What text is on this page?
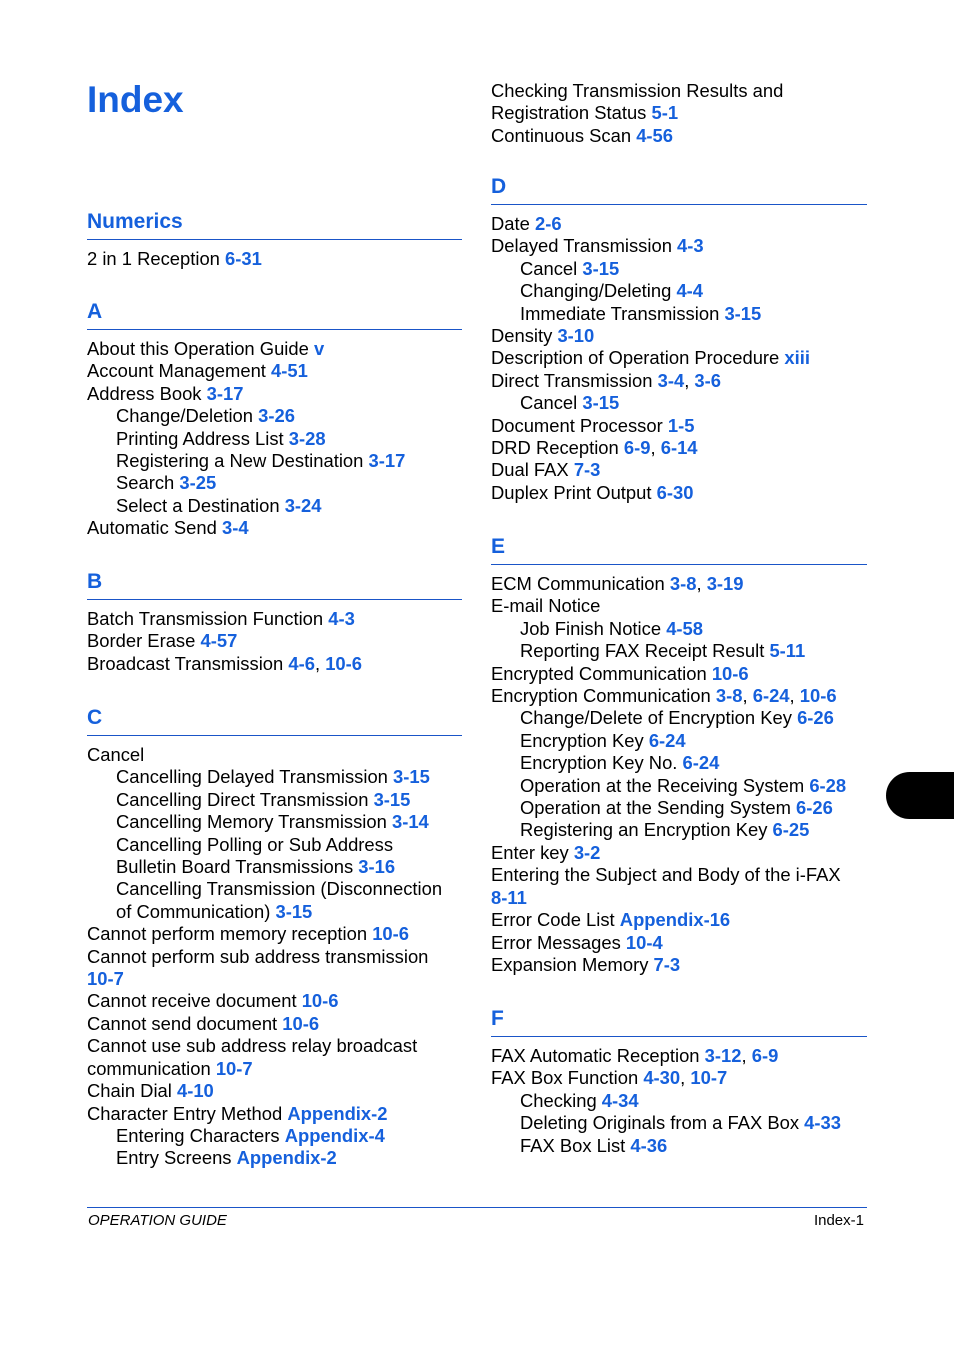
Index
Numerics
2 in 1 Reception 6-31
A
About this Operation Guide v
Account Management 4-51
Address Book 3-17
Change/Deletion 3-26
Printing Address List 3-28
Registering a New Destination 3-17
Search 3-25
Select a Destination 3-24
Automatic Send 3-4
B
Batch Transmission Function 4-3
Border Erase 4-57
Broadcast Transmission 4-6, 10-6
C
Cancel
Cancelling Delayed Transmission 3-15
Cancelling Direct Transmission 3-15
Cancelling Memory Transmission 3-14
Cancelling Polling or Sub Address
Bulletin Board Transmissions 3-16
Cancelling Transmission (Disconnection
of Communication) 3-15
Cannot perform memory reception 10-6
Cannot perform sub address transmission
10-7
Cannot receive document 10-6
Cannot send document 10-6
Cannot use sub address relay broadcast
communication 10-7
Chain Dial 4-10
Character Entry Method Appendix-2
Entering Characters Appendix-4
Entry Screens Appendix-2
Checking Transmission Results and
Registration Status 5-1
Continuous Scan 4-56
D
Date 2-6
Delayed Transmission 4-3
Cancel 3-15
Changing/Deleting 4-4
Immediate Transmission 3-15
Density 3-10
Description of Operation Procedure xiii
Direct Transmission 3-4, 3-6
Cancel 3-15
Document Processor 1-5
DRD Reception 6-9, 6-14
Dual FAX 7-3
Duplex Print Output 6-30
E
ECM Communication 3-8, 3-19
E-mail Notice
Job Finish Notice 4-58
Reporting FAX Receipt Result 5-11
Encrypted Communication 10-6
Encryption Communication 3-8, 6-24, 10-6
Change/Delete of Encryption Key 6-26
Encryption Key 6-24
Encryption Key No. 6-24
Operation at the Receiving System 6-28
Operation at the Sending System 6-26
Registering an Encryption Key 6-25
Enter key 3-2
Entering the Subject and Body of the i-FAX
8-11
Error Code List Appendix-16
Error Messages 10-4
Expansion Memory 7-3
F
FAX Automatic Reception 3-12, 6-9
FAX Box Function 4-30, 10-7
Checking 4-34
Deleting Originals from a FAX Box 4-33
FAX Box List 4-36
OPERATION GUIDE	Index-1
